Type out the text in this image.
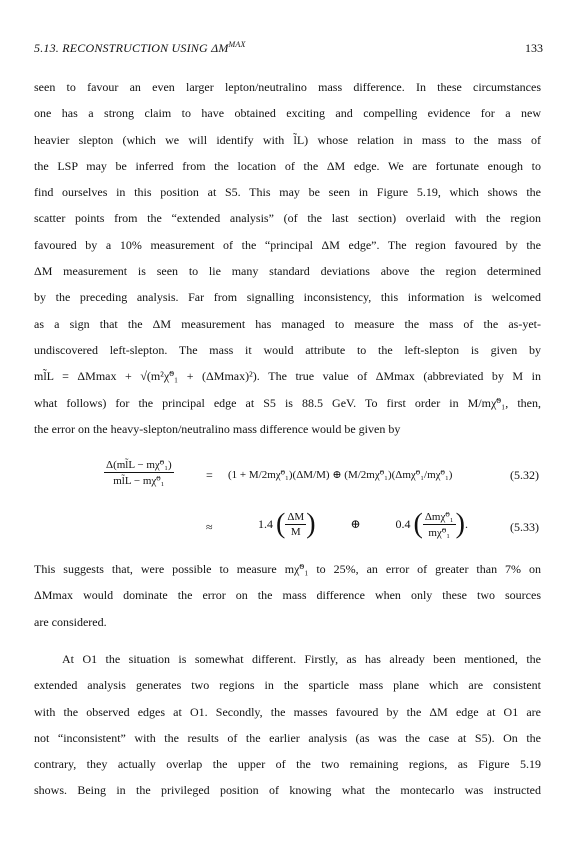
5.13. RECONSTRUCTION USING $\Delta M^{MAX}$	133
seen to favour an even larger lepton/neutralino mass difference. In these circumstances
one has a strong claim to have obtained exciting and compelling evidence for a new
heavier slepton (which we will identify with l̃L) whose relation in mass to the mass of
the LSP may be inferred from the location of the ΔM edge. We are fortunate enough to
find ourselves in this position at S5. This may be seen in Figure 5.19, which shows the
scatter points from the “extended analysis” (of the last section) overlaid with the region
favoured by a 10% measurement of the “principal ΔM edge”. The region favoured by the
ΔM measurement is seen to lie many standard deviations above the region determined
by the preceding analysis. Far from signalling inconsistency, this information is welcomed
as a sign that the ΔM measurement has managed to measure the mass of the as-yet-
undiscovered left-slepton. The mass it would attribute to the left-slepton is given by
ml̃L = ΔMmax + √(m²χ̃⁰₁ + (ΔMmax)²). The true value of ΔMmax (abbreviated by M in
what follows) for the principal edge at S5 is 88.5 GeV. To first order in M/mχ̃⁰₁, then,
the error on the heavy-slepton/neutralino mass difference would be given by
$\frac{\text{Δ(ml̃L − mχ̃⁰₁)}}{\text{ml̃L − mχ̃⁰₁}}$	= (1 + M/2mχ̃⁰₁)(ΔM/M) ⊕ (M/2mχ̃⁰₁)(Δmχ̃⁰₁/mχ̃⁰₁)	(5.32)
≈	1.4 ( $\frac{\Delta M}{M}$ )	⊕	0.4 ( $\frac{\text{Δmχ̃⁰₁}}{\text{mχ̃⁰₁}}$ ).	(5.33)
This suggests that, were possible to measure mχ̃⁰₁ to 25%, an error of greater than 7% on
ΔMmax would dominate the error on the mass difference when only these two sources
are considered.
At O1 the situation is somewhat different. Firstly, as has already been mentioned, the
extended analysis generates two regions in the sparticle mass plane which are consistent
with the observed edges at O1. Secondly, the masses favoured by the ΔM edge at O1 are
not “inconsistent” with the results of the earlier analysis (as was the case at S5). On the
contrary, they actually overlap the upper of the two remaining regions, as Figure 5.19
shows. Being in the privileged position of knowing what the montecarlo was instructed
